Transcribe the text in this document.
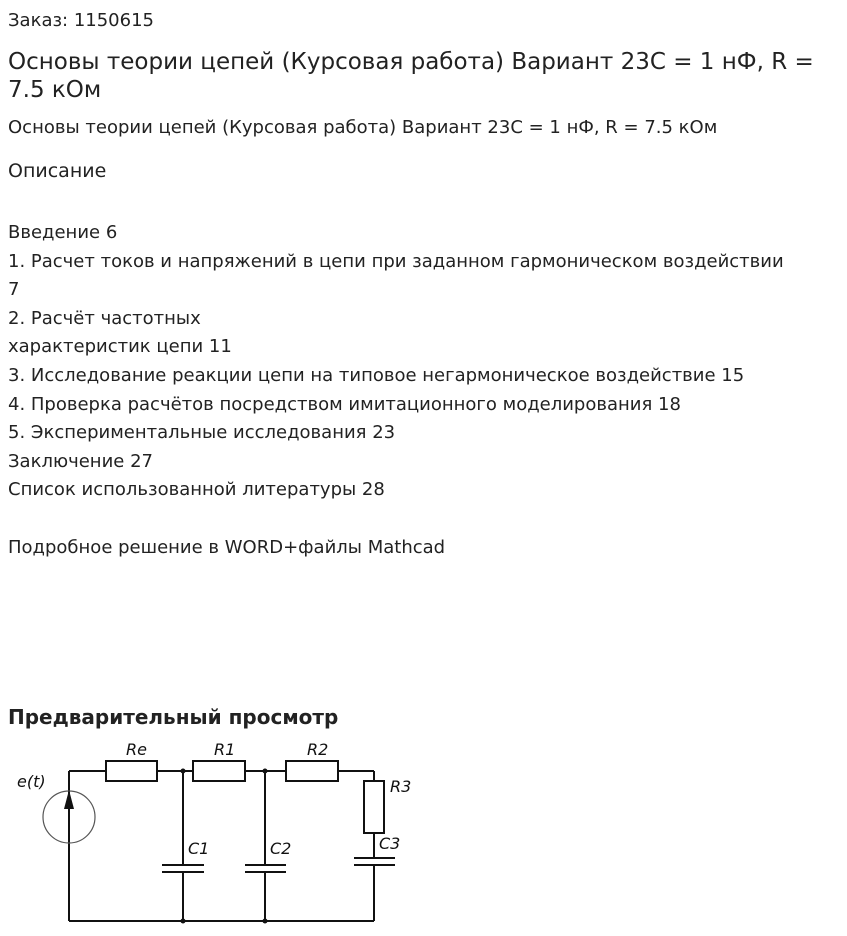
Заказ: 1150615

Основы теории цепей (Курсовая работа) Вариант 23С = 1 нФ, R = 7.5 кОм

Основы теории цепей (Курсовая работа) Вариант 23С = 1 нФ, R = 7.5 кОм

Описание
Введение 6
1. Расчет токов и напряжений в цепи при заданном гармоническом воздействии
7
2. Расчёт частотных
характеристик цепи 11
3. Исследование реакции цепи на типовое негармоническое воздействие 15
4. Проверка расчётов посредством имитационного моделирования 18
5. Экспериментальные исследования 23
Заключение 27
Список использованной литературы 28
Подробное решение в WORD+файлы Mathcad
Предварительный просмотр
e(t)
Re	R1	R2
R3
C1	C2	C3
